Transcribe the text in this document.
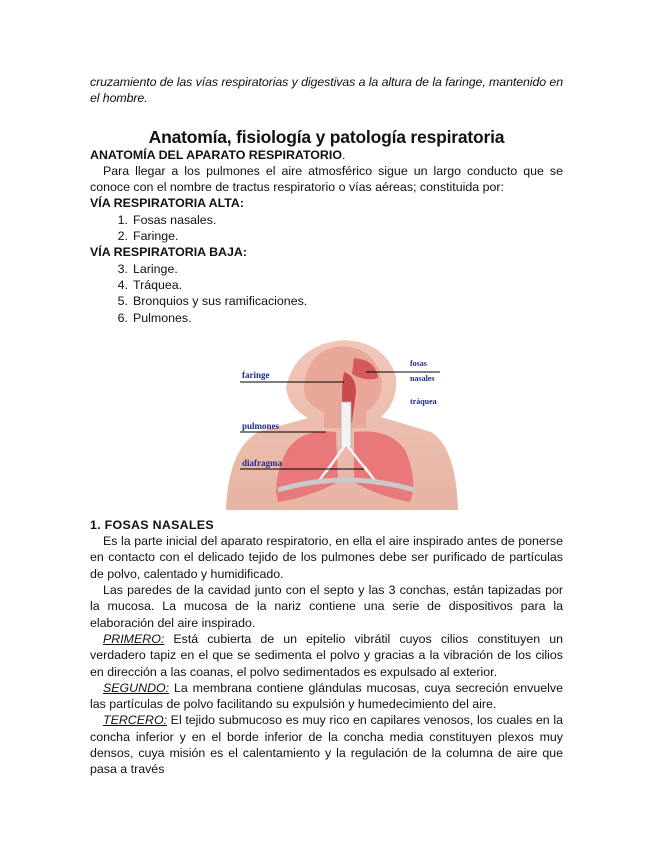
cruzamiento de las vías respiratorias y digestivas a la altura de la faringe, mantenido en el hombre.

Anatomía, fisiología y patología respiratoria
ANATOMÍA DEL APARATO RESPIRATORIO.

Para llegar a los pulmones el aire atmosférico sigue un largo conducto que se conoce con el nombre de tractus respiratorio o vías aéreas; constituida por:

VÍA RESPIRATORIA ALTA:
1. Fosas nasales.
2. Faringe.
VÍA RESPIRATORIA BAJA:
3. Laringe.
4. Tráquea.
5. Bronquios y sus ramificaciones.
6. Pulmones.
faringe
fosas
nasales
tráquea
pulmones
diafragma
1. FOSAS NASALES

Es la parte inicial del aparato respiratorio, en ella el aire inspirado antes de ponerse en contacto con el delicado tejido de los pulmones debe ser purificado de partículas de polvo, calentado y humidificado.

Las paredes de la cavidad junto con el septo y las 3 conchas, están tapizadas por la mucosa. La mucosa de la nariz contiene una serie de dispositivos para la elaboración del aire inspirado.

PRIMERO: Está cubierta de un epitelio vibrátil cuyos cilios constituyen un verdadero tapiz en el que se sedimenta el polvo y gracias a la vibración de los cilios en dirección a las coanas, el polvo sedimentados es expulsado al exterior.

SEGUNDO: La membrana contiene glándulas mucosas, cuya secreción envuelve las partículas de polvo facilitando su expulsión y humedecimiento del aire.

TERCERO: El tejido submucoso es muy rico en capilares venosos, los cuales en la concha inferior y en el borde inferior de la concha media constituyen plexos muy densos, cuya misión es el calentamiento y la regulación de la columna de aire que pasa a través
